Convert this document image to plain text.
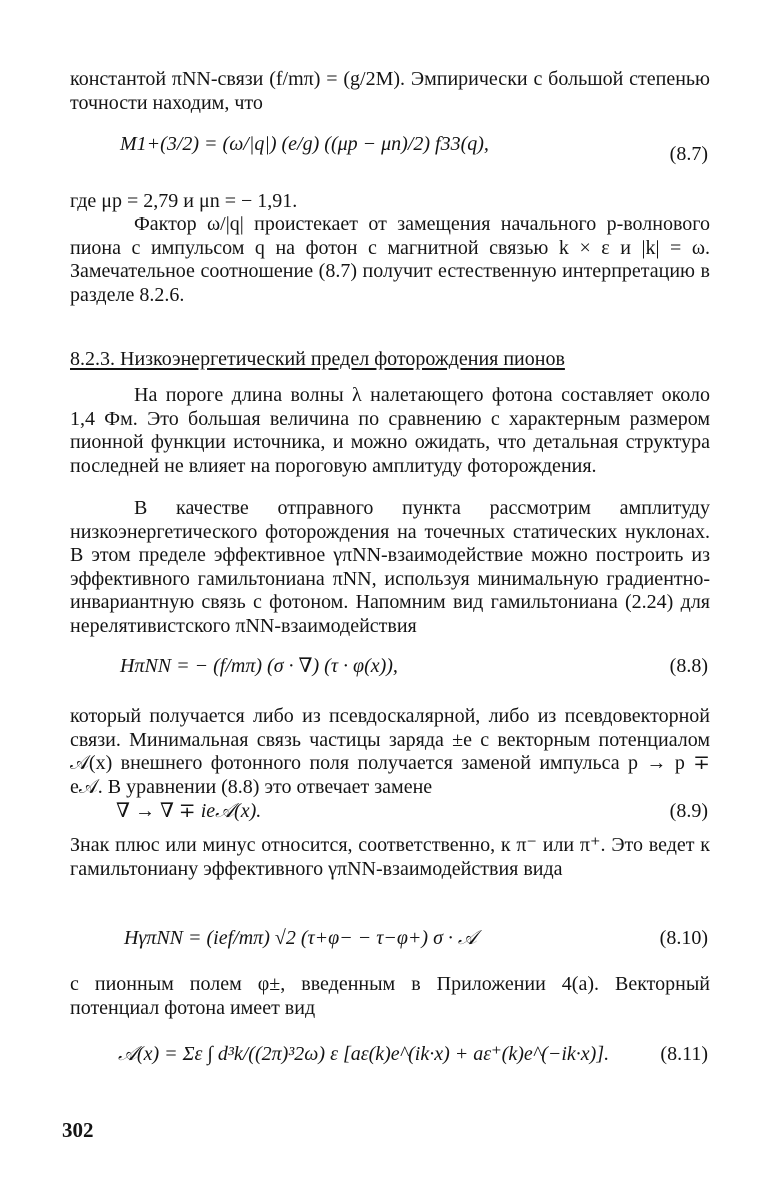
константой πNN-связи (f/mπ) = (g/2M). Эмпирически с большой степенью точности находим, что

M1+(3/2) = (ω/|q|) (e/g) ((μp − μn)/2) f33(q),	(8.7)

где μp = 2,79 и μn = − 1,91.

Фактор ω/|q| проистекает от замещения начального p-волнового пиона с импульсом q на фотон с магнитной связью k × ε и |k| = ω. Замечательное соотношение (8.7) получит естественную интерпретацию в разделе 8.2.6.

8.2.3. Низкоэнергетический предел фоторождения пионов

На пороге длина волны λ налетающего фотона составляет около 1,4 Фм. Это большая величина по сравнению с характерным размером пионной функции источника, и можно ожидать, что детальная структура последней не влияет на пороговую амплитуду фоторождения.

В качестве отправного пункта рассмотрим амплитуду низкоэнергетического фоторождения на точечных статических нуклонах. В этом пределе эффективное γπNN-взаимодействие можно построить из эффективного гамильтониана πNN, используя минимальную градиентно-инвариантную связь с фотоном. Напомним вид гамильтониана (2.24) для нерелятивистского πNN-взаимодействия

HπNN = − (f/mπ) (σ · ∇) (τ · φ(x)),	(8.8)

который получается либо из псевдоскалярной, либо из псевдовекторной связи. Минимальная связь частицы заряда ±e с векторным потенциалом 𝒜(x) внешнего фотонного поля получается заменой импульса p → p ∓ e𝒜. В уравнении (8.8) это отвечает замене

∇ → ∇ ∓ ie𝒜(x).	(8.9)

Знак плюс или минус относится, соответственно, к π⁻ или π⁺. Это ведет к гамильтониану эффективного γπNN-взаимодействия вида

HγπNN = (ief/mπ) √2 (τ+φ− − τ−φ+) σ · 𝒜	(8.10)

с пионным полем φ±, введенным в Приложении 4(а). Векторный потенциал фотона имеет вид

𝒜(x) = Σε ∫ d³k/((2π)³2ω) ε [aε(k)e^(ik·x) + aε⁺(k)e^(−ik·x)].	(8.11)
302
